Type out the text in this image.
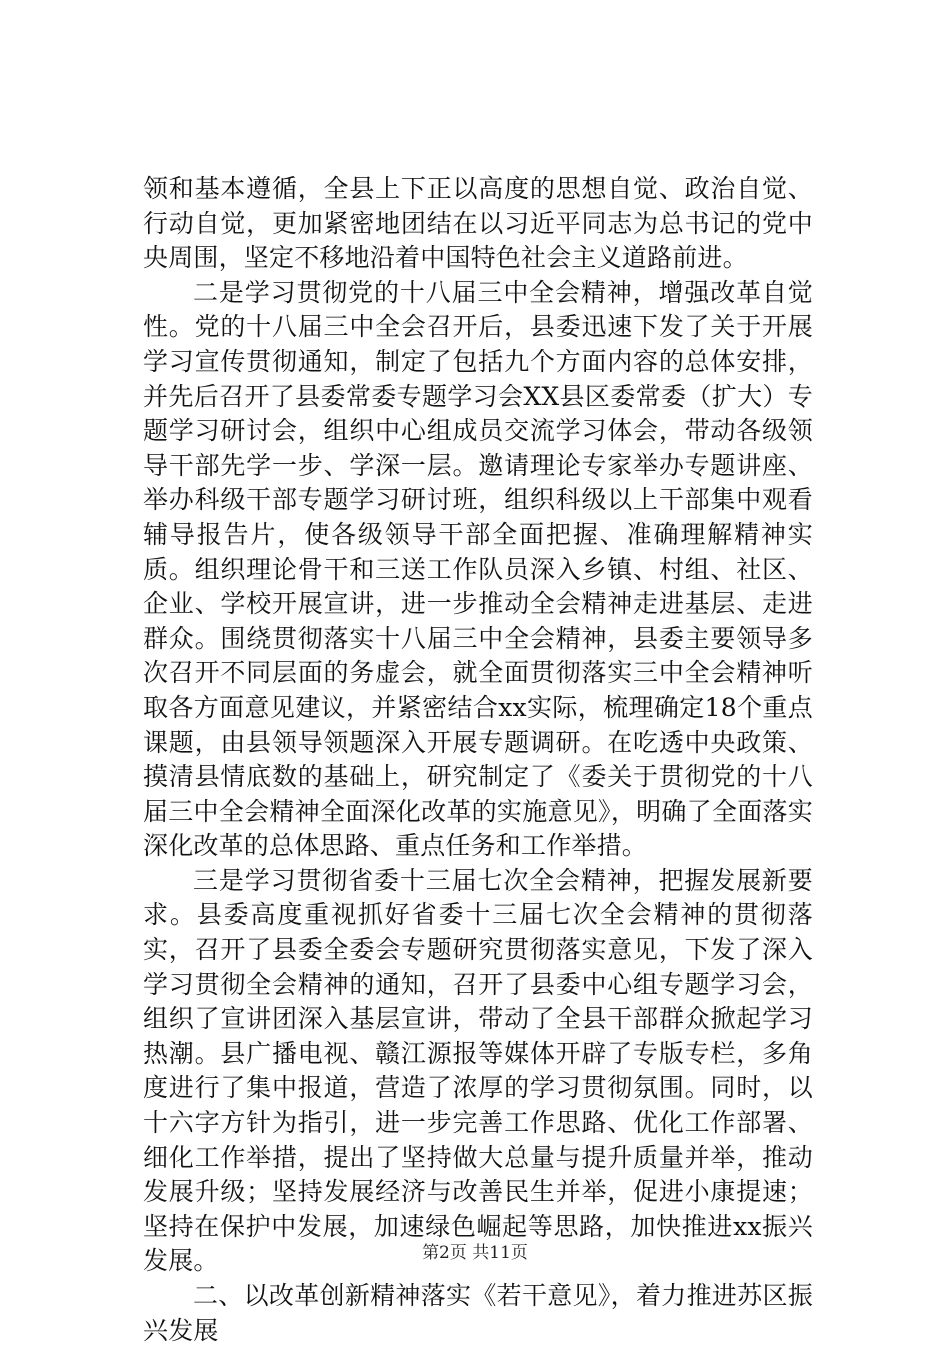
领和基本遵循，全县上下正以高度的思想自觉、政治自觉、行动自觉，更加紧密地团结在以习近平同志为总书记的党中央周围，坚定不移地沿着中国特色社会主义道路前进。

二是学习贯彻党的十八届三中全会精神，增强改革自觉性。党的十八届三中全会召开后，县委迅速下发了关于开展学习宣传贯彻通知，制定了包括九个方面内容的总体安排，并先后召开了县委常委专题学习会XX县区委常委（扩大）专题学习研讨会，组织中心组成员交流学习体会，带动各级领导干部先学一步、学深一层。邀请理论专家举办专题讲座、举办科级干部专题学习研讨班，组织科级以上干部集中观看辅导报告片，使各级领导干部全面把握、准确理解精神实质。组织理论骨干和三送工作队员深入乡镇、村组、社区、企业、学校开展宣讲，进一步推动全会精神走进基层、走进群众。围绕贯彻落实十八届三中全会精神，县委主要领导多次召开不同层面的务虚会，就全面贯彻落实三中全会精神听取各方面意见建议，并紧密结合xx实际，梳理确定18个重点课题，由县领导领题深入开展专题调研。在吃透中央政策、摸清县情底数的基础上，研究制定了《委关于贯彻党的十八届三中全会精神全面深化改革的实施意见》，明确了全面落实深化改革的总体思路、重点任务和工作举措。

三是学习贯彻省委十三届七次全会精神，把握发展新要求。县委高度重视抓好省委十三届七次全会精神的贯彻落实，召开了县委全委会专题研究贯彻落实意见，下发了深入学习贯彻全会精神的通知，召开了县委中心组专题学习会，组织了宣讲团深入基层宣讲，带动了全县干部群众掀起学习热潮。县广播电视、赣江源报等媒体开辟了专版专栏，多角度进行了集中报道，营造了浓厚的学习贯彻氛围。同时，以十六字方针为指引，进一步完善工作思路、优化工作部署、细化工作举措，提出了坚持做大总量与提升质量并举，推动发展升级；坚持发展经济与改善民生并举，促进小康提速；坚持在保护中发展，加速绿色崛起等思路，加快推进xx振兴发展。

二、以改革创新精神落实《若干意见》，着力推进苏区振兴发展

第2页 共11页
